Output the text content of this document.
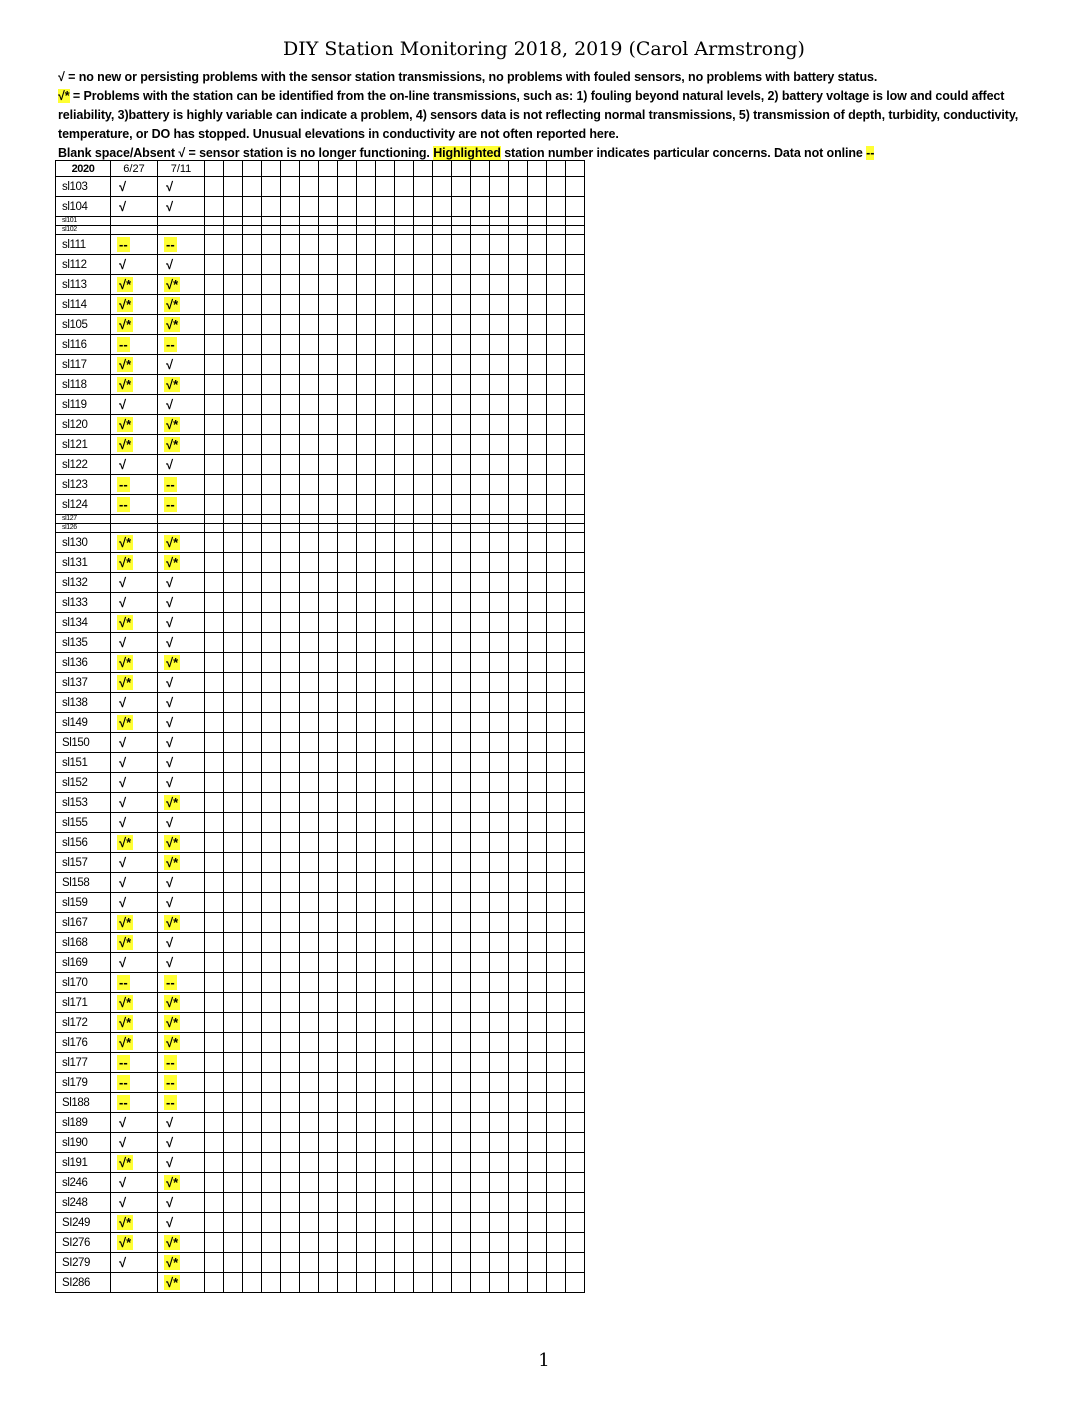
DIY Station Monitoring 2018, 2019 (Carol Armstrong)
√ = no new or persisting problems with the sensor station transmissions, no problems with fouled sensors, no problems with battery status.
√* = Problems with the station can be identified from the on-line transmissions, such as: 1) fouling beyond natural levels, 2) battery voltage is low and could affect reliability, 3)battery is highly variable can indicate a problem, 4) sensors data is not reflecting normal transmissions, 5) transmission of depth, turbidity, conductivity, temperature, or DO has stopped. Unusual elevations in conductivity are not often reported here.
Blank space/Absent √ = sensor station is no longer functioning. Highlighted station number indicates particular concerns. Data not online --
2020	6/27	7/11																				
sl103	√	√																				
sl104	√	√																				
sl101																						
sl102																						
sl111	--	--																				
sl112	√	√																				
sl113	√*	√*																				
sl114	√*	√*																				
sl105	√*	√*																				
sl116	--	--																				
sl117	√*	√																				
sl118	√*	√*																				
sl119	√	√																				
sl120	√*	√*																				
sl121	√*	√*																				
sl122	√	√																				
sl123	--	--																				
sl124	--	--																				
sl127																						
sl126																						
sl130	√*	√*																				
sl131	√*	√*																				
sl132	√	√																				
sl133	√	√																				
sl134	√*	√																				
sl135	√	√																				
sl136	√*	√*																				
sl137	√*	√																				
sl138	√	√																				
sl149	√*	√																				
Sl150	√	√																				
sl151	√	√																				
sl152	√	√																				
sl153	√	√*																				
sl155	√	√																				
sl156	√*	√*																				
sl157	√	√*																				
Sl158	√	√																				
sl159	√	√																				
sl167	√*	√*																				
sl168	√*	√																				
sl169	√	√																				
sl170	--	--																				
sl171	√*	√*																				
sl172	√*	√*																				
sl176	√*	√*																				
sl177	--	--																				
sl179	--	--																				
Sl188	--	--																				
sl189	√	√																				
sl190	√	√																				
sl191	√*	√																				
sl246	√	√*																				
sl248	√	√																				
SI249	√*	√																				
SI276	√*	√*																				
SI279	√	√*																				
SI286		√*																				
1
